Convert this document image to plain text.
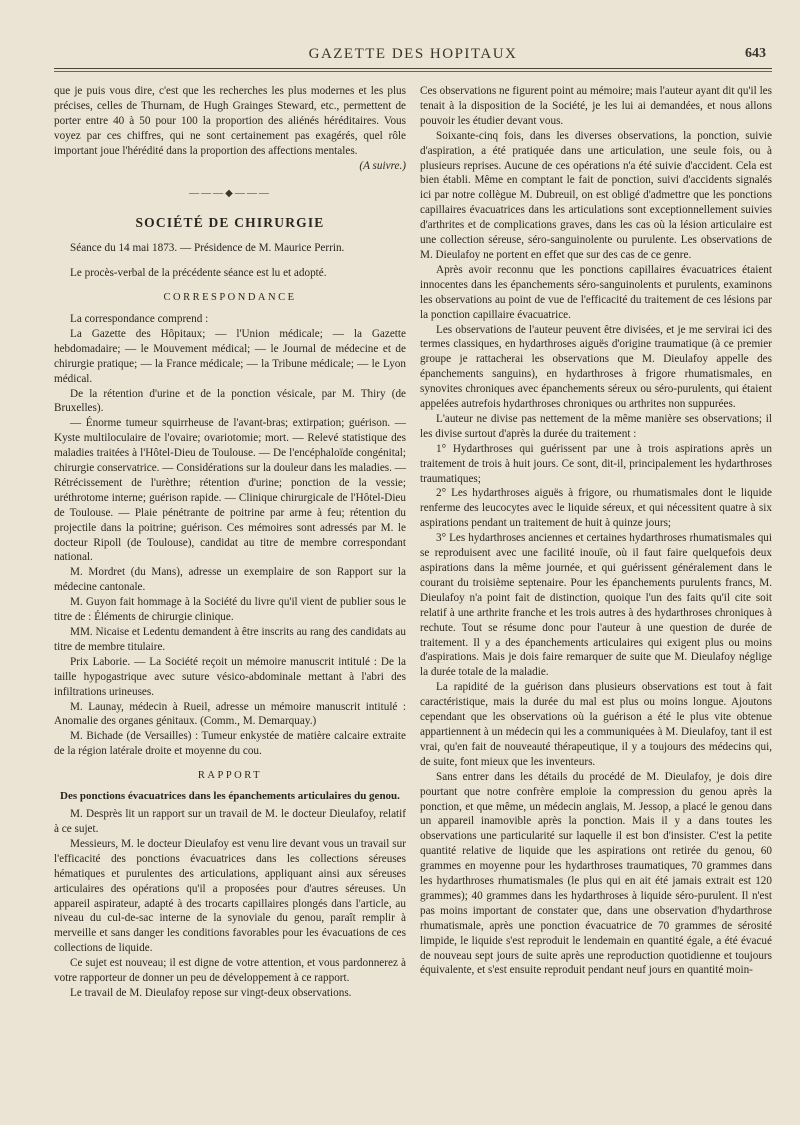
GAZETTE DES HOPITAUX	643

que je puis vous dire, c'est que les recherches les plus modernes et les plus précises, celles de Thurnam, de Hugh Grainges Steward, etc., permettent de porter entre 40 à 50 pour 100 la proportion des aliénés héréditaires. Vous voyez par ces chiffres, qui ne sont certainement pas exagérés, quel rôle important joue l'hérédité dans la proportion des affections mentales.

(A suivre.)

———◆———
SOCIÉTÉ DE CHIRURGIE

Séance du 14 mai 1873. — Présidence de M. Maurice Perrin.

Le procès-verbal de la précédente séance est lu et adopté.

CORRESPONDANCE

La correspondance comprend :

La Gazette des Hôpitaux; — l'Union médicale; — la Gazette hebdomadaire; — le Mouvement médical; — le Journal de médecine et de chirurgie pratique; — la France médicale; — la Tribune médicale; — le Lyon médical.

De la rétention d'urine et de la ponction vésicale, par M. Thiry (de Bruxelles).

— Énorme tumeur squirrheuse de l'avant-bras; extirpation; guérison. — Kyste multiloculaire de l'ovaire; ovariotomie; mort. — Relevé statistique des maladies traitées à l'Hôtel-Dieu de Toulouse. — De l'encéphaloïde congénital; chirurgie conservatrice. — Considérations sur la douleur dans les maladies. — Rétrécissement de l'urèthre; rétention d'urine; ponction de la vessie; uréthrotome interne; guérison rapide. — Clinique chirurgicale de l'Hôtel-Dieu de Toulouse. — Plaie pénétrante de poitrine par arme à feu; rétention du projectile dans la poitrine; guérison. Ces mémoires sont adressés par M. le docteur Ripoll (de Toulouse), candidat au titre de membre correspondant national.

M. Mordret (du Mans), adresse un exemplaire de son Rapport sur la médecine cantonale.

M. Guyon fait hommage à la Société du livre qu'il vient de publier sous le titre de : Éléments de chirurgie clinique.

MM. Nicaise et Ledentu demandent à être inscrits au rang des candidats au titre de membre titulaire.

Prix Laborie. — La Société reçoit un mémoire manuscrit intitulé : De la taille hypogastrique avec suture vésico-abdominale mettant à l'abri des infiltrations urineuses.

M. Launay, médecin à Rueil, adresse un mémoire manuscrit intitulé : Anomalie des organes génitaux. (Comm., M. Demarquay.)

M. Bichade (de Versailles) : Tumeur enkystée de matière calcaire extraite de la région latérale droite et moyenne du cou.

RAPPORT
Des ponctions évacuatrices dans les épanchements articulaires du genou.

M. Desprès lit un rapport sur un travail de M. le docteur Dieulafoy, relatif à ce sujet.

Messieurs, M. le docteur Dieulafoy est venu lire devant vous un travail sur l'efficacité des ponctions évacuatrices dans les collections séreuses hématiques et purulentes des articulations, appliquant ainsi aux séreuses articulaires des opérations qu'il a proposées pour d'autres séreuses. Un appareil aspirateur, adapté à des trocarts capillaires plongés dans l'article, au niveau du cul-de-sac interne de la synoviale du genou, paraît remplir à merveille et sans danger les conditions favorables pour les évacuations de ces collections de liquide.

Ce sujet est nouveau; il est digne de votre attention, et vous pardonnerez à votre rapporteur de donner un peu de développement à ce rapport.

Le travail de M. Dieulafoy repose sur vingt-deux observations.

Ces observations ne figurent point au mémoire; mais l'auteur ayant dit qu'il les tenait à la disposition de la Société, je les lui ai demandées, et nous allons pouvoir les étudier devant vous.

Soixante-cinq fois, dans les diverses observations, la ponction, suivie d'aspiration, a été pratiquée dans une articulation, une seule fois, ou à plusieurs reprises. Aucune de ces opérations n'a été suivie d'accident. Cela est bien établi. Même en comptant le fait de ponction, suivi d'accidents signalés ici par notre collègue M. Dubreuil, on est obligé d'admettre que les ponctions capillaires évacuatrices dans les articulations sont exceptionnellement suivies d'arthrites et de complications graves, dans les cas où la lésion articulaire est une collection séreuse, séro-sanguinolente ou purulente. Les observations de M. Dieulafoy ne portent en effet que sur des cas de ce genre.

Après avoir reconnu que les ponctions capillaires évacuatrices étaient innocentes dans les épanchements séro-sanguinolents et purulents, examinons les observations au point de vue de l'efficacité du traitement de ces lésions par la ponction capillaire évacuatrice.

Les observations de l'auteur peuvent être divisées, et je me servirai ici des termes classiques, en hydarthroses aiguës d'origine traumatique (à ce premier groupe je rattacherai les observations que M. Dieulafoy appelle des épanchements sanguins), en hydarthroses à frigore rhumatismales, en synovites chroniques avec épanchements séreux ou séro-purulents, qui étaient appelées autrefois hydarthroses chroniques ou arthrites non suppurées.

L'auteur ne divise pas nettement de la même manière ses observations; il les divise surtout d'après la durée du traitement :

1° Hydarthroses qui guérissent par une à trois aspirations après un traitement de trois à huit jours. Ce sont, dit-il, principalement les hydarthroses traumatiques;

2° Les hydarthroses aiguës à frigore, ou rhumatismales dont le liquide renferme des leucocytes avec le liquide séreux, et qui nécessitent quatre à six aspirations pendant un traitement de huit à quinze jours;

3° Les hydarthroses anciennes et certaines hydarthroses rhumatismales qui se reproduisent avec une facilité inouïe, où il faut faire quelquefois deux aspirations dans la même journée, et qui guérissent généralement dans le courant du troisième septenaire. Pour les épanchements purulents francs, M. Dieulafoy n'a point fait de distinction, quoique l'un des faits qu'il cite soit relatif à une arthrite franche et les trois autres à des hydarthroses chroniques à rechute. Tout se résume donc pour l'auteur à une question de durée de traitement. Il y a des épanchements articulaires qui exigent plus ou moins d'aspirations. Mais je dois faire remarquer de suite que M. Dieulafoy néglige la durée totale de la maladie.

La rapidité de la guérison dans plusieurs observations est tout à fait caractéristique, mais la durée du mal est plus ou moins longue. Ajoutons cependant que les observations où la guérison a été le plus vite obtenue appartiennent à un médecin qui les a communiquées à M. Dieulafoy, tant il est vrai, qu'en fait de nouveauté thérapeutique, il y a toujours des médecins qui, de suite, font mieux que les inventeurs.

Sans entrer dans les détails du procédé de M. Dieulafoy, je dois dire pourtant que notre confrère emploie la compression du genou après la ponction, et que même, un médecin anglais, M. Jessop, a placé le genou dans un appareil inamovible après la ponction. Mais il y a dans toutes les observations une particularité sur laquelle il est bon d'insister. C'est la petite quantité relative de liquide que les aspirations ont retirée du genou, 60 grammes en moyenne pour les hydarthroses traumatiques, 70 grammes dans les hydarthroses rhumatismales (le plus qui en ait été jamais extrait est 120 grammes); 40 grammes dans les hydarthroses à liquide séro-purulent. Il n'est pas moins important de constater que, dans une observation d'hydarthrose rhumatismale, après une ponction évacuatrice de 70 grammes de sérosité limpide, le liquide s'est reproduit le lendemain en quantité égale, a été évacué de nouveau sept jours de suite après une reproduction quotidienne et toujours équivalente, et s'est ensuite reproduit pendant neuf jours en quantité moin-
